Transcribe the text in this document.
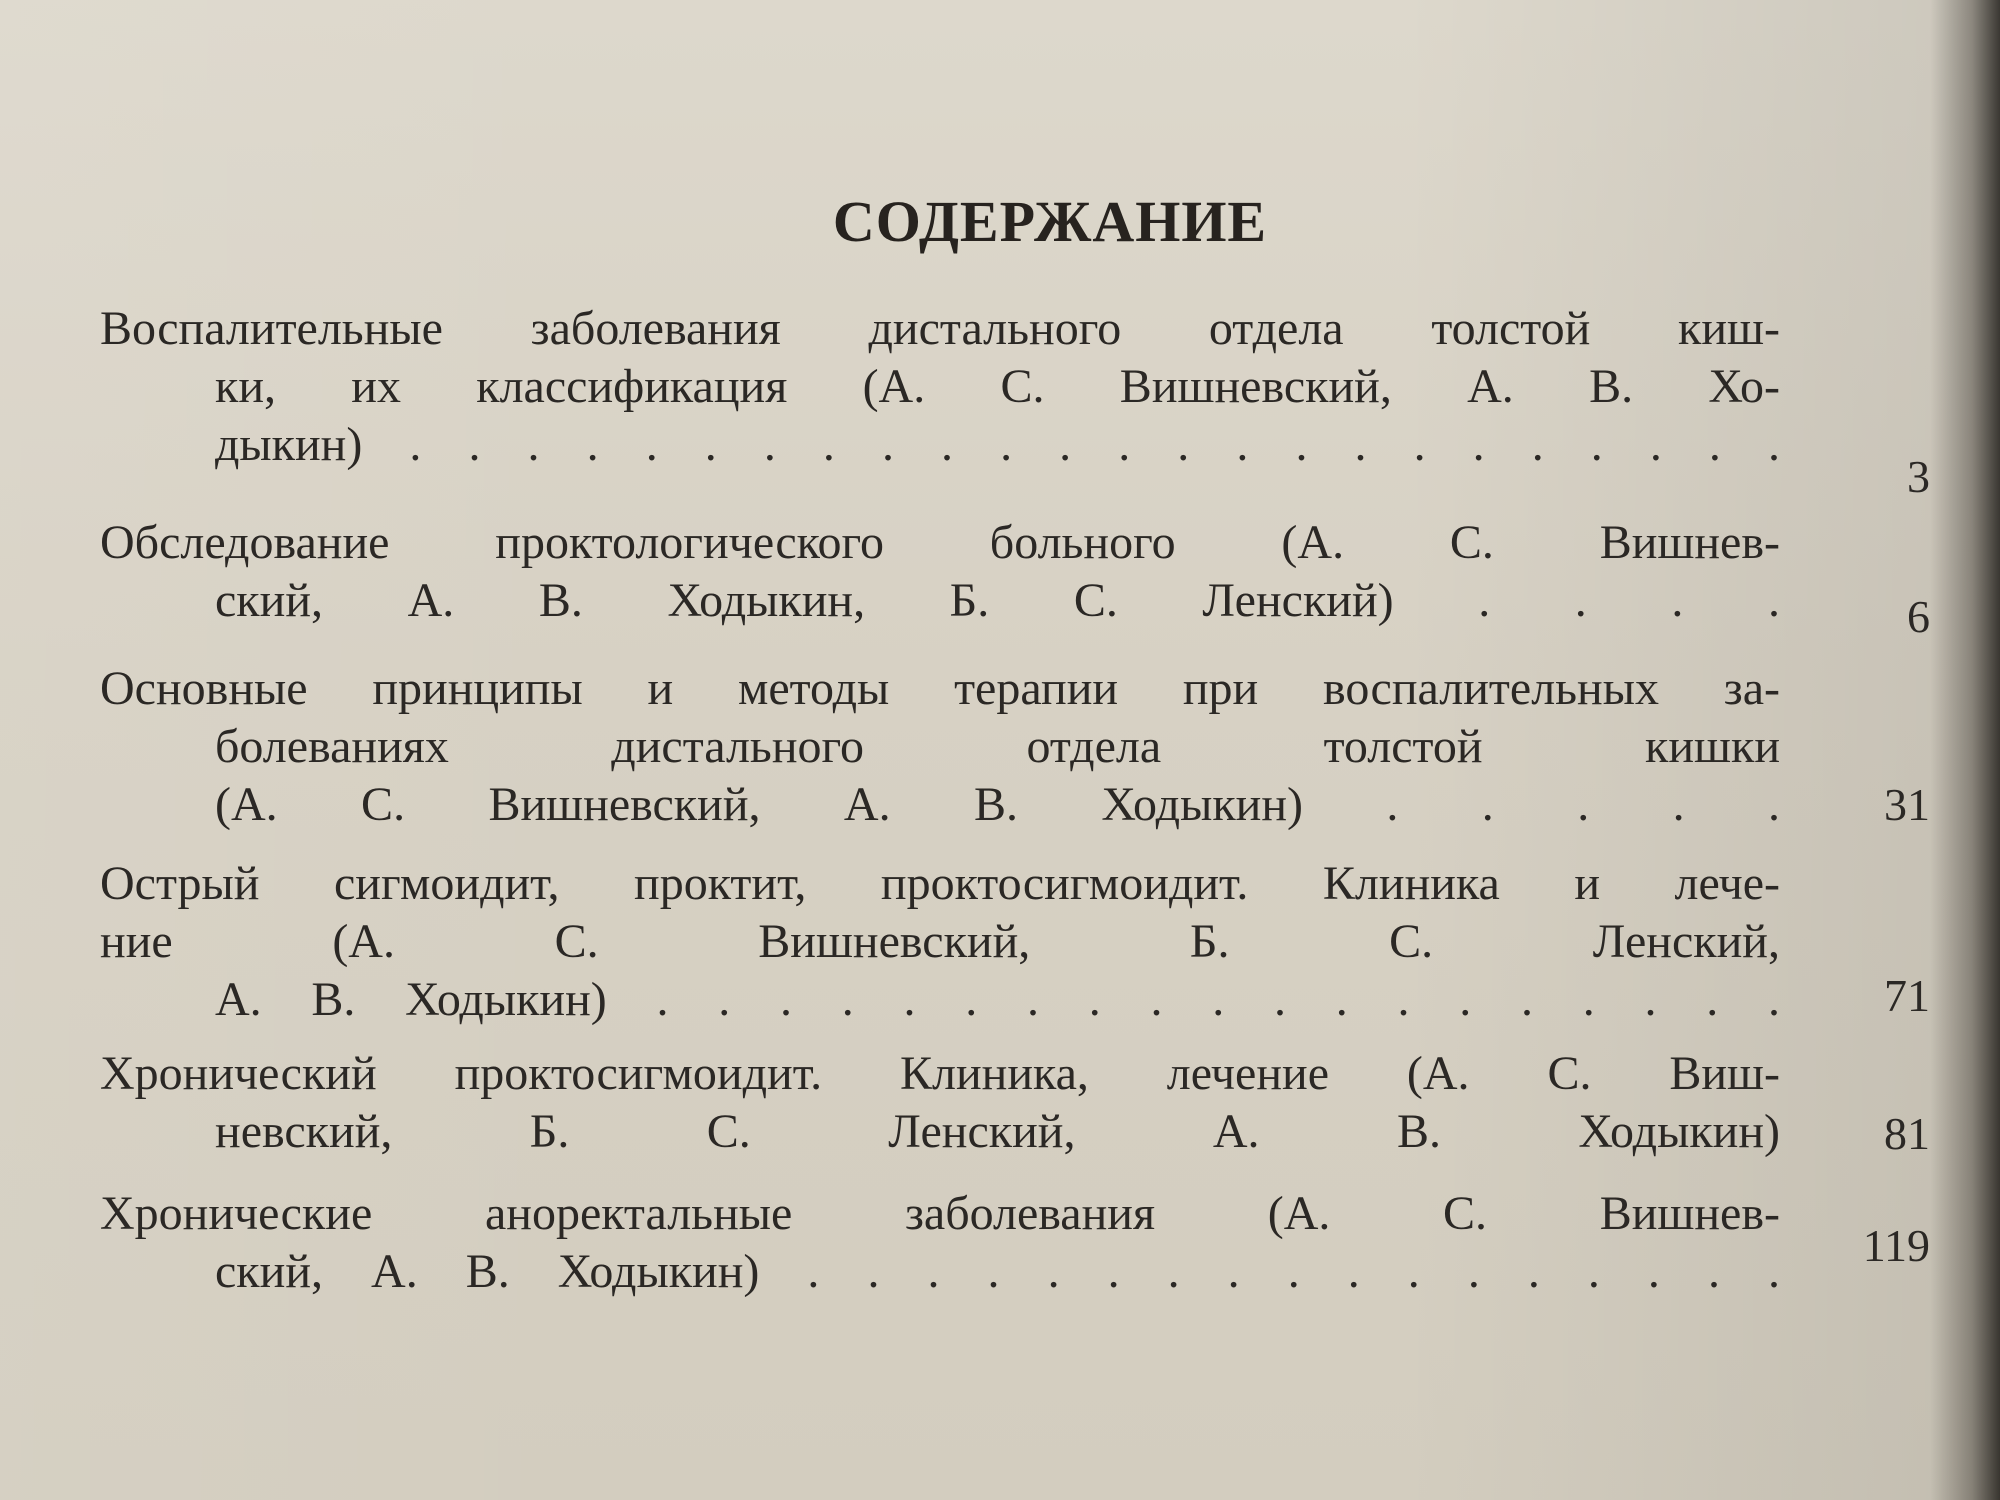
СОДЕРЖАНИЕ
Воспалительные заболевания дистального отдела толстой киш-
ки, их классификация (А. С. Вишневский, А. В. Хо-
дыкин) . . . . . . . . . . . . . . . . . . . . . . . .
3
Обследование проктологического больного (А. С. Вишнев-
ский, А. В. Ходыкин, Б. С. Ленский) . . . .	6
Основные принципы и методы терапии при воспалительных за-
болеваниях дистального отдела толстой кишки
(А. С. Вишневский, А. В. Ходыкин) . . . . .	31
Острый сигмоидит, проктит, проктосигмоидит. Клиника и лече-
ние (А. С. Вишневский, Б. С. Ленский,
А. В. Ходыкин) . . . . . . . . . . . . . . . . . . .	71
Хронический проктосигмоидит. Клиника, лечение (А. С. Виш-
невский, Б. С. Ленский, А. В. Ходыкин)	81
Хронические аноректальные заболевания (А. С. Вишнев-
ский, А. В. Ходыкин) . . . . . . . . . . . . . . . . .	119
